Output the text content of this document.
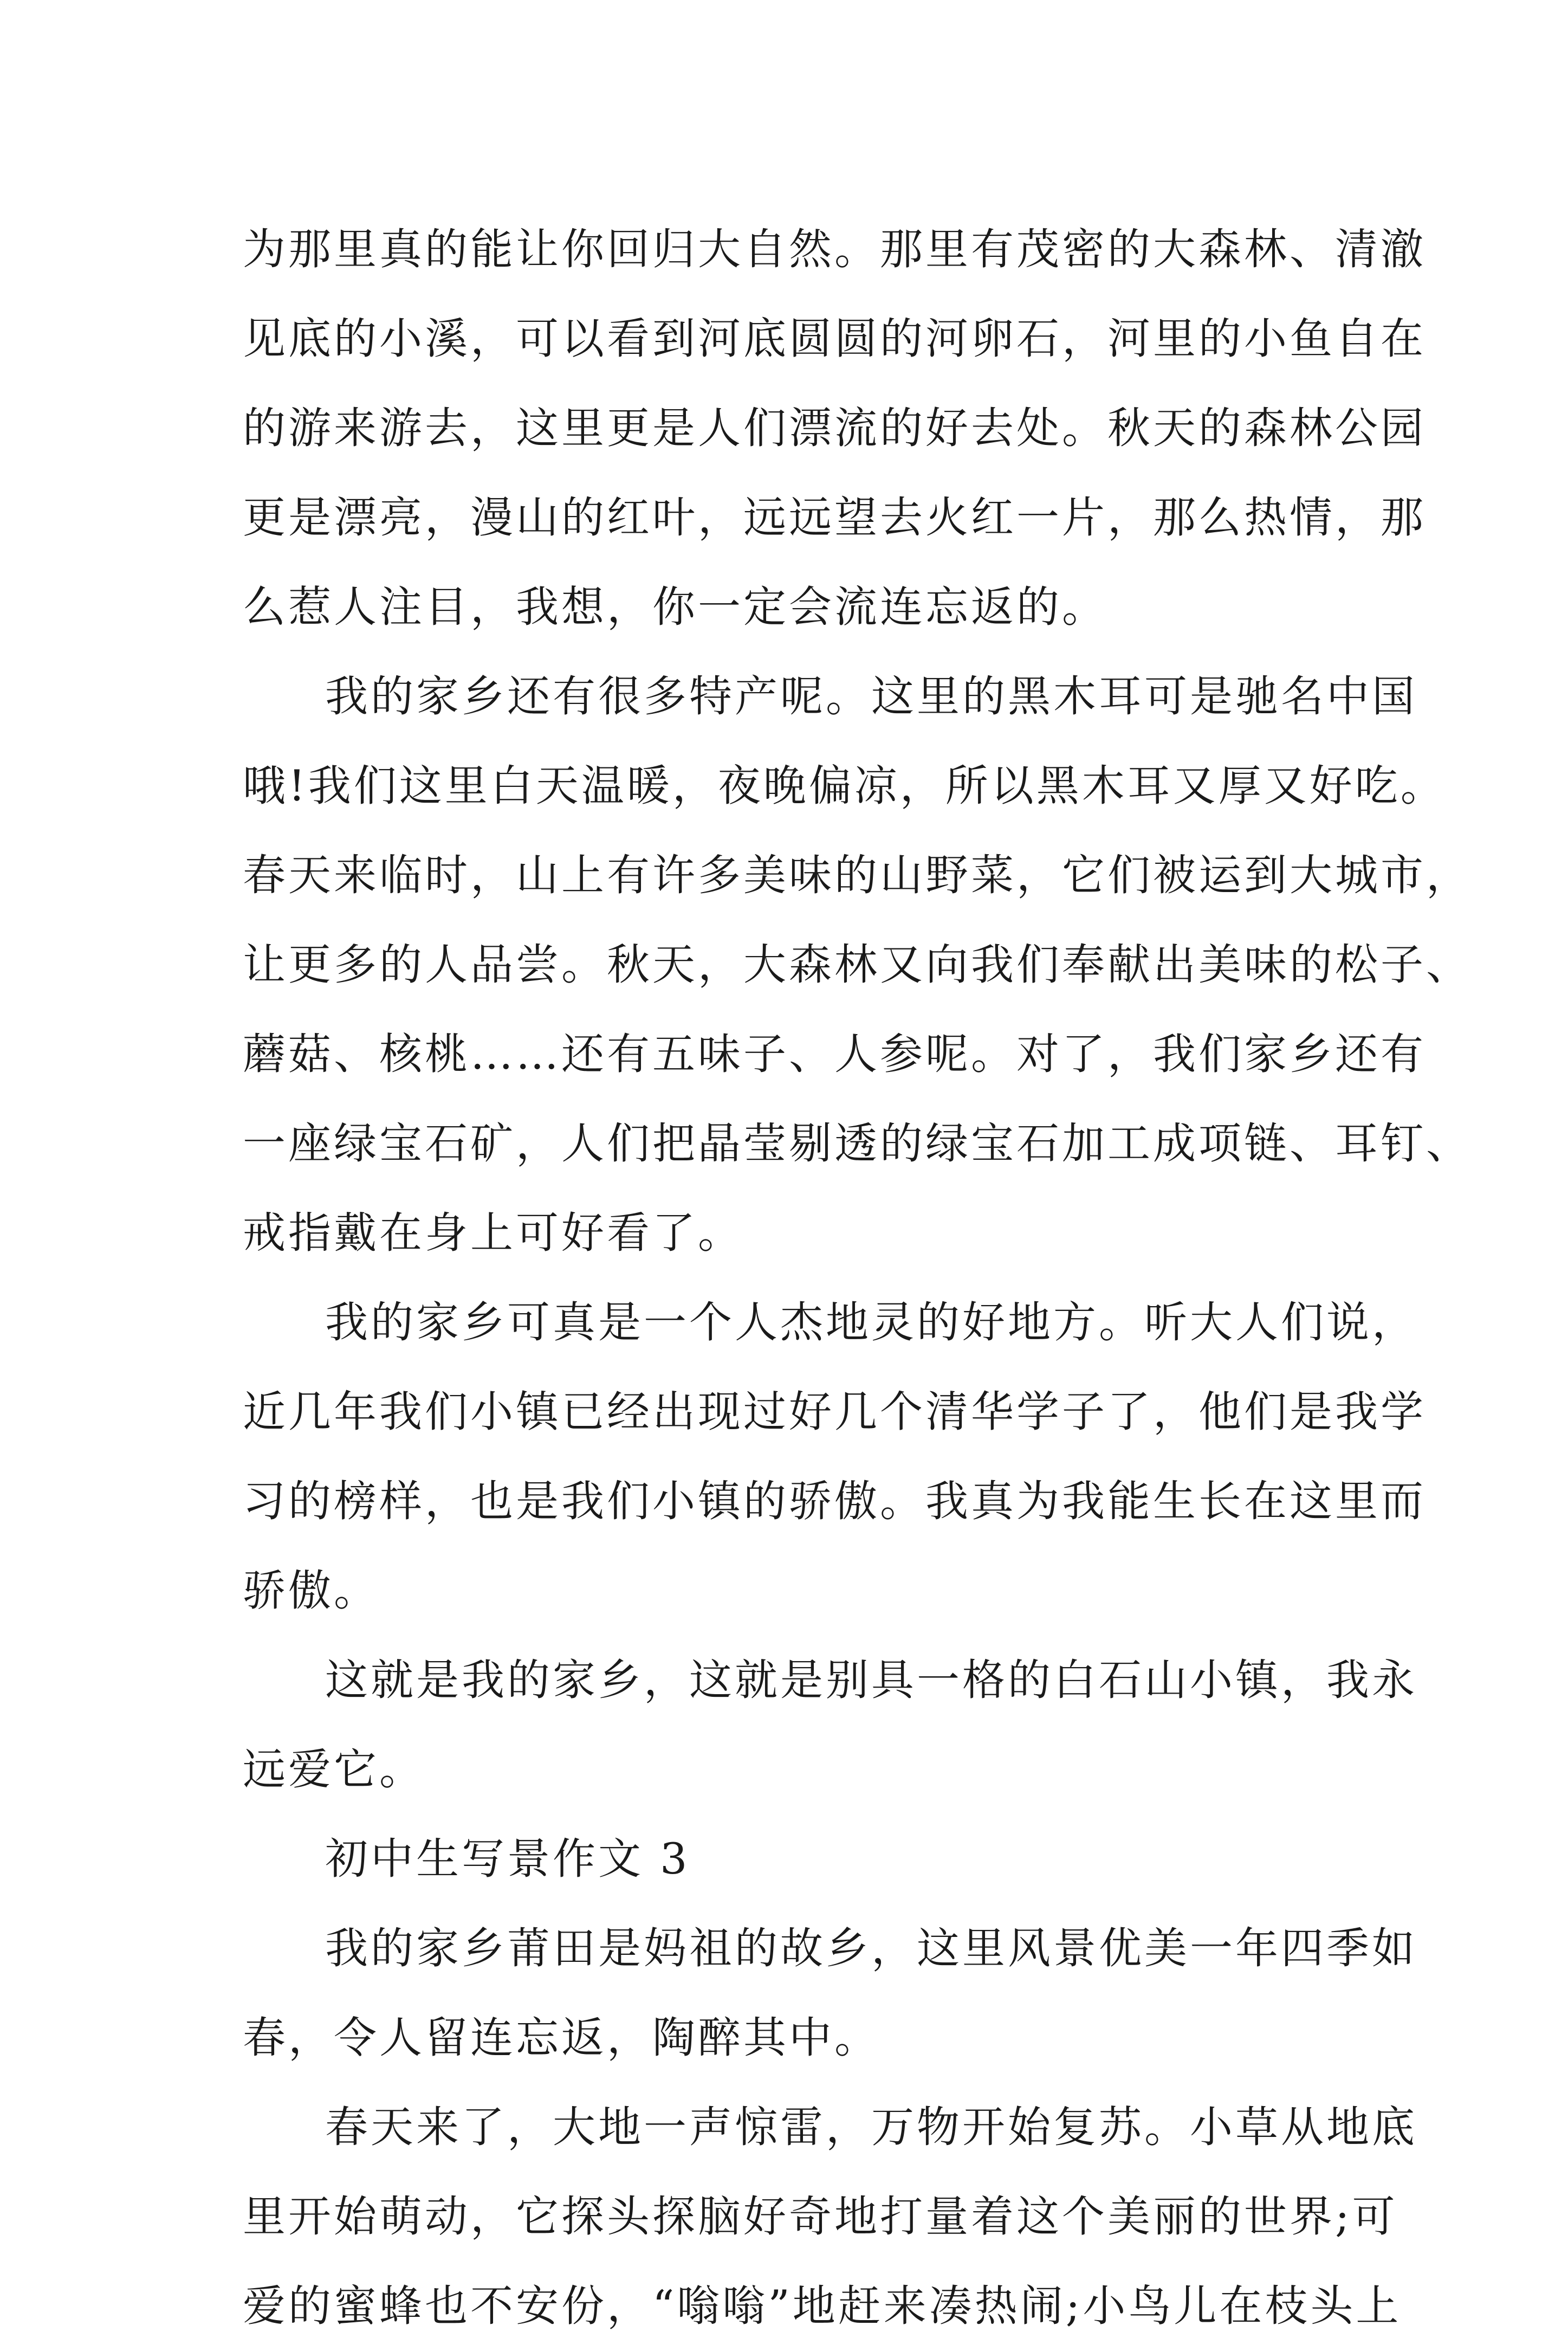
为那里真的能让你回归大自然。那里有茂密的大森林、清澈
见底的小溪，可以看到河底圆圆的河卵石，河里的小鱼自在
的游来游去，这里更是人们漂流的好去处。秋天的森林公园
更是漂亮，漫山的红叶，远远望去火红一片，那么热情，那
么惹人注目，我想，你一定会流连忘返的。
我的家乡还有很多特产呢。这里的黑木耳可是驰名中国
哦!我们这里白天温暖，夜晚偏凉，所以黑木耳又厚又好吃。
春天来临时，山上有许多美味的山野菜，它们被运到大城市，
让更多的人品尝。秋天，大森林又向我们奉献出美味的松子、
蘑菇、核桃……还有五味子、人参呢。对了，我们家乡还有
一座绿宝石矿，人们把晶莹剔透的绿宝石加工成项链、耳钉、
戒指戴在身上可好看了。
我的家乡可真是一个人杰地灵的好地方。听大人们说，
近几年我们小镇已经出现过好几个清华学子了，他们是我学
习的榜样，也是我们小镇的骄傲。我真为我能生长在这里而
骄傲。
这就是我的家乡，这就是别具一格的白石山小镇，我永
远爱它。
初中生写景作文 3
我的家乡莆田是妈祖的故乡，这里风景优美一年四季如
春，令人留连忘返，陶醉其中。
春天来了，大地一声惊雷，万物开始复苏。小草从地底
里开始萌动，它探头探脑好奇地打量着这个美丽的世界;可
爱的蜜蜂也不安份，“嗡嗡”地赶来凑热闹;小鸟儿在枝头上
